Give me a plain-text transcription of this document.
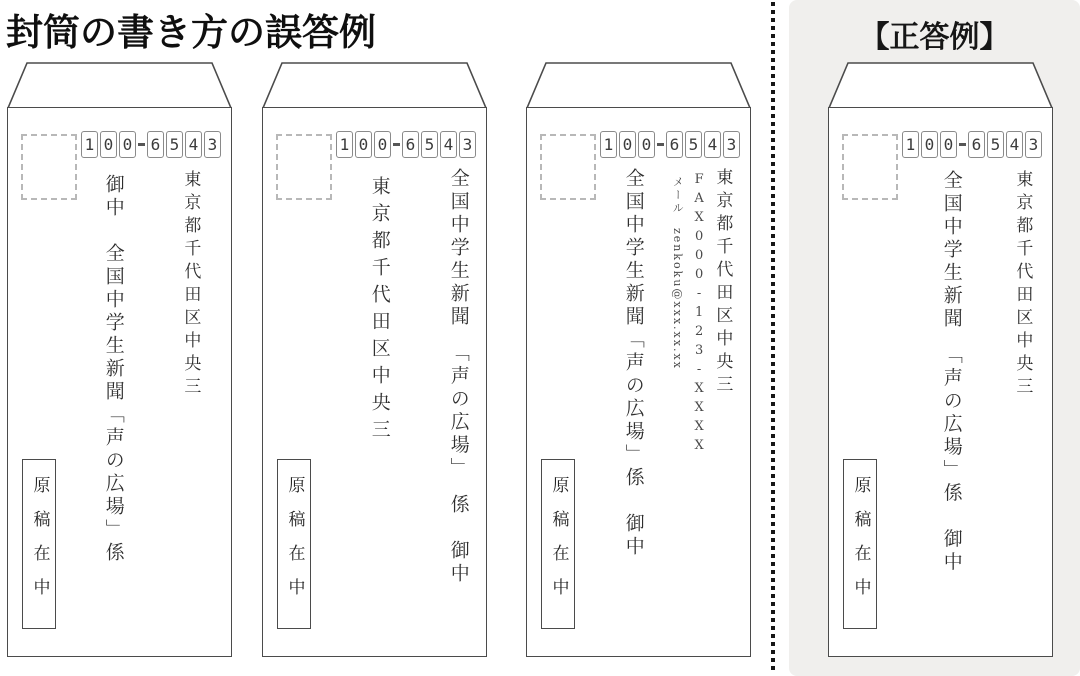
封筒の書き方の誤答例	【正答例】
1 0 0 6 5 4 3
東京都千代田区中央三
御中　全国中学生新聞「声の広場」係
原稿在中
1 0 0 6 5 4 3
全国中学生新聞　「声の広場」　係　御中
東京都千代田区中央三
原稿在中
1 0 0 6 5 4 3
東京都千代田区中央三
FAX000-123-XXXX
メール　zenkoku@xxx.xx.xx
全国中学生新聞「声の広場」係　御中
原稿在中
1 0 0 6 5 4 3
東京都千代田区中央三
全国中学生新聞　「声の広場」係　御中
原稿在中
